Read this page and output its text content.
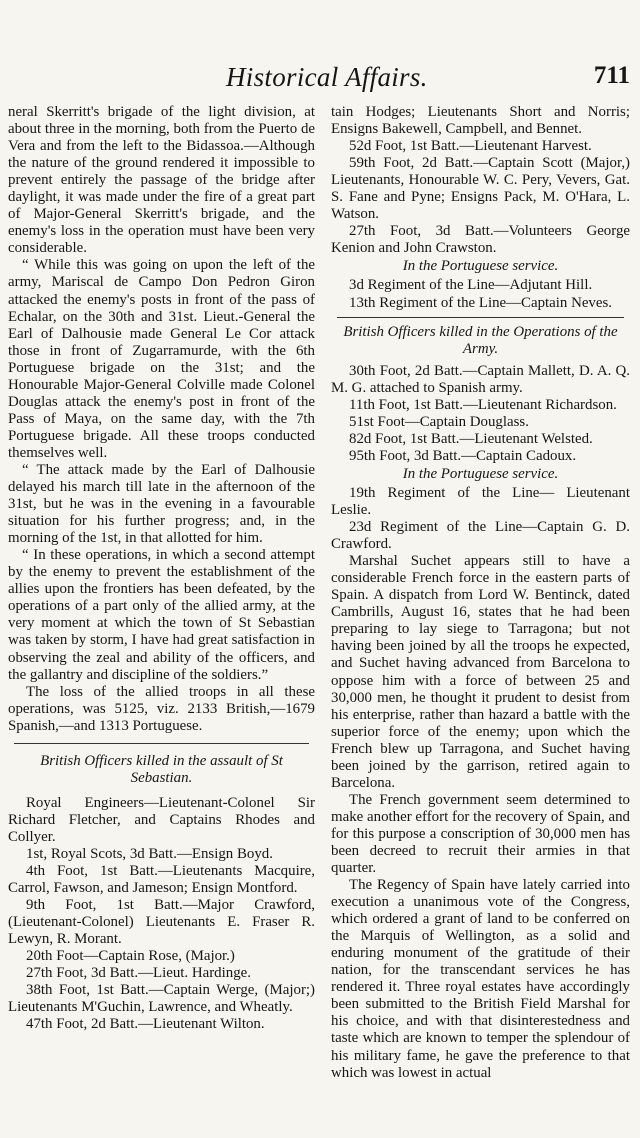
Historical Affairs.	711

neral Skerritt's brigade of the light division, at about three in the morning, both from the Puerto de Vera and from the left to the Bidassoa.—Although the nature of the ground rendered it impossible to prevent entirely the passage of the bridge after daylight, it was made under the fire of a great part of Major-General Skerritt's brigade, and the enemy's loss in the operation must have been very considerable.

“ While this was going on upon the left of the army, Mariscal de Campo Don Pedron Giron attacked the enemy's posts in front of the pass of Echalar, on the 30th and 31st. Lieut.-General the Earl of Dalhousie made General Le Cor attack those in front of Zugarramurde, with the 6th Portuguese brigade on the 31st; and the Honourable Major-General Colville made Colonel Douglas attack the enemy's post in front of the Pass of Maya, on the same day, with the 7th Portuguese brigade. All these troops conducted themselves well.

“ The attack made by the Earl of Dalhousie delayed his march till late in the afternoon of the 31st, but he was in the evening in a favourable situation for his further progress; and, in the morning of the 1st, in that allotted for him.

“ In these operations, in which a second attempt by the enemy to prevent the establishment of the allies upon the frontiers has been defeated, by the operations of a part only of the allied army, at the very moment at which the town of St Sebastian was taken by storm, I have had great satisfaction in observing the zeal and ability of the officers, and the gallantry and discipline of the soldiers.”

The loss of the allied troops in all these operations, was 5125, viz. 2133 British,—1679 Spanish,—and 1313 Portuguese.

British Officers killed in the assault of St Sebastian.

Royal Engineers—Lieutenant-Colonel Sir Richard Fletcher, and Captains Rhodes and Collyer.

1st, Royal Scots, 3d Batt.—Ensign Boyd.

4th Foot, 1st Batt.—Lieutenants Macquire, Carrol, Fawson, and Jameson; Ensign Montford.

9th Foot, 1st Batt.—Major Crawford, (Lieutenant-Colonel) Lieutenants E. Fraser R. Lewyn, R. Morant.

20th Foot—Captain Rose, (Major.)

27th Foot, 3d Batt.—Lieut. Hardinge.

38th Foot, 1st Batt.—Captain Werge, (Major;) Lieutenants M'Guchin, Lawrence, and Wheatly.

47th Foot, 2d Batt.—Lieutenant Wilton.

tain Hodges; Lieutenants Short and Norris; Ensigns Bakewell, Campbell, and Bennet.

52d Foot, 1st Batt.—Lieutenant Harvest.

59th Foot, 2d Batt.—Captain Scott (Major,) Lieutenants, Honourable W. C. Pery, Vevers, Gat. S. Fane and Pyne; Ensigns Pack, M. O'Hara, L. Watson.

27th Foot, 3d Batt.—Volunteers George Kenion and John Crawston.

In the Portuguese service.

3d Regiment of the Line—Adjutant Hill.

13th Regiment of the Line—Captain Neves.

British Officers killed in the Operations of the Army.

30th Foot, 2d Batt.—Captain Mallett, D. A. Q. M. G. attached to Spanish army.

11th Foot, 1st Batt.—Lieutenant Richardson.

51st Foot—Captain Douglass.

82d Foot, 1st Batt.—Lieutenant Welsted.

95th Foot, 3d Batt.—Captain Cadoux.

In the Portuguese service.

19th Regiment of the Line— Lieutenant Leslie.

23d Regiment of the Line—Captain G. D. Crawford.

Marshal Suchet appears still to have a considerable French force in the eastern parts of Spain. A dispatch from Lord W. Bentinck, dated Cambrills, August 16, states that he had been preparing to lay siege to Tarragona; but not having been joined by all the troops he expected, and Suchet having advanced from Barcelona to oppose him with a force of between 25 and 30,000 men, he thought it prudent to desist from his enterprise, rather than hazard a battle with the superior force of the enemy; upon which the French blew up Tarragona, and Suchet having been joined by the garrison, retired again to Barcelona.

The French government seem determined to make another effort for the recovery of Spain, and for this purpose a conscription of 30,000 men has been decreed to recruit their armies in that quarter.

The Regency of Spain have lately carried into execution a unanimous vote of the Congress, which ordered a grant of land to be conferred on the Marquis of Wellington, as a solid and enduring monument of the gratitude of their nation, for the transcendant services he has rendered it. Three royal estates have accordingly been submitted to the British Field Marshal for his choice, and with that disinterestedness and taste which are known to temper the splendour of his military fame, he gave the preference to that which was lowest in actual
